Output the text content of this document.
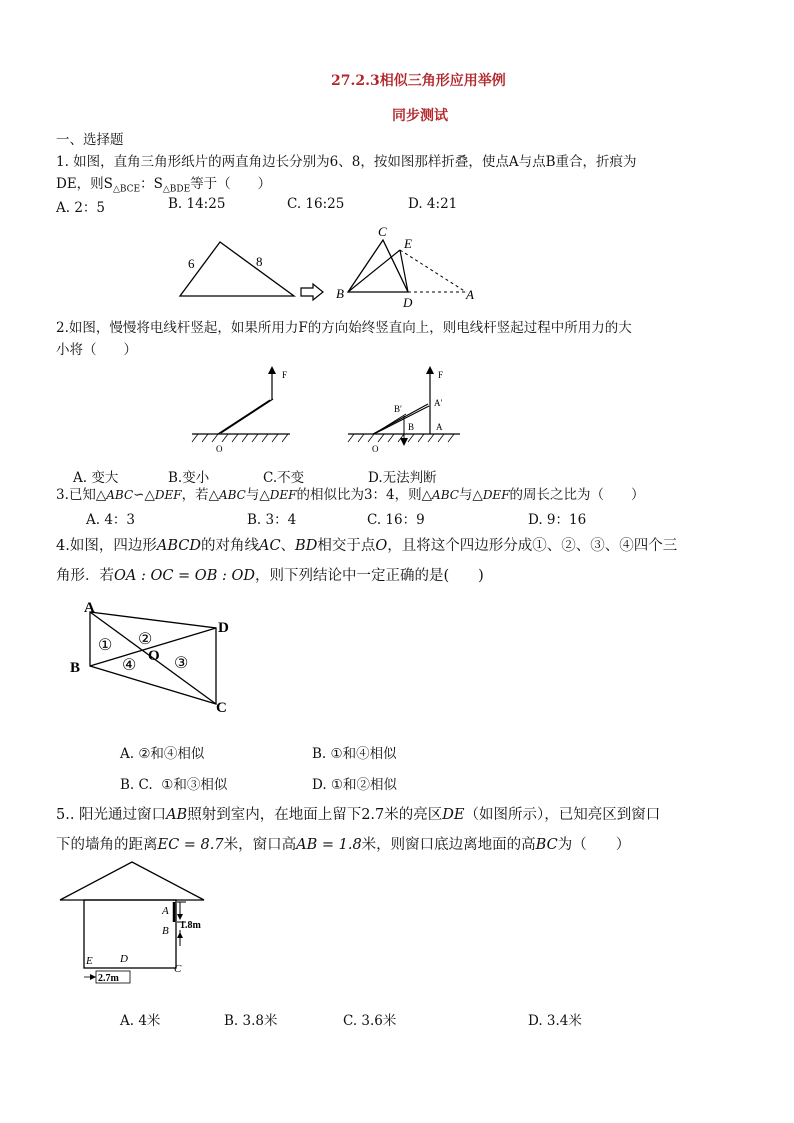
27.2.3相似三角形应用举例
同步测试
一、选择题
1. 如图，直角三角形纸片的两直角边长分别为6、8，按如图那样折叠，使点A与点B重合，折痕为
DE，则$S_{\triangle BCE}$：$S_{\triangle BDE}$等于（　　）
A. 2：5	B. 14:25	C. 16:25	D. 4:21
6	8
C
E
B
D
A
2.如图，慢慢将电线杆竖起，如果所用力F的方向始终竖直向上，则电线杆竖起过程中所用力的大
小将（　　）
F
O
F
B′
A′
B A
O
A. 变大	B.变小	C.不变	D.无法判断
3.已知△ABC∽△DEF，若△ABC与△DEF的相似比为3：4，则△ABC与△DEF的周长之比为（　　）
A. 4：3	B. 3：4	C. 16：9	D. 9：16
4.如图，四边形ABCD的对角线AC、BD相交于点O，且将这个四边形分成①、②、③、④四个三
角形．若OA : OC = OB : OD，则下列结论中一定正确的是(　　)
A
B
C
D
O
① ②
③
④
A. ②和④相似	B. ①和④相似
B. C. ①和③相似	D. ①和②相似
5.. 阳光通过窗口AB照射到室内，在地面上留下2.7米的亮区DE（如图所示），已知亮区到窗口
下的墙角的距离EC = 8.7米，窗口高AB = 1.8米，则窗口底边离地面的高BC为（　　）
A
B
C
D
E
1.8m
2.7m
A. 4米	B. 3.8米	C. 3.6米	D. 3.4米
